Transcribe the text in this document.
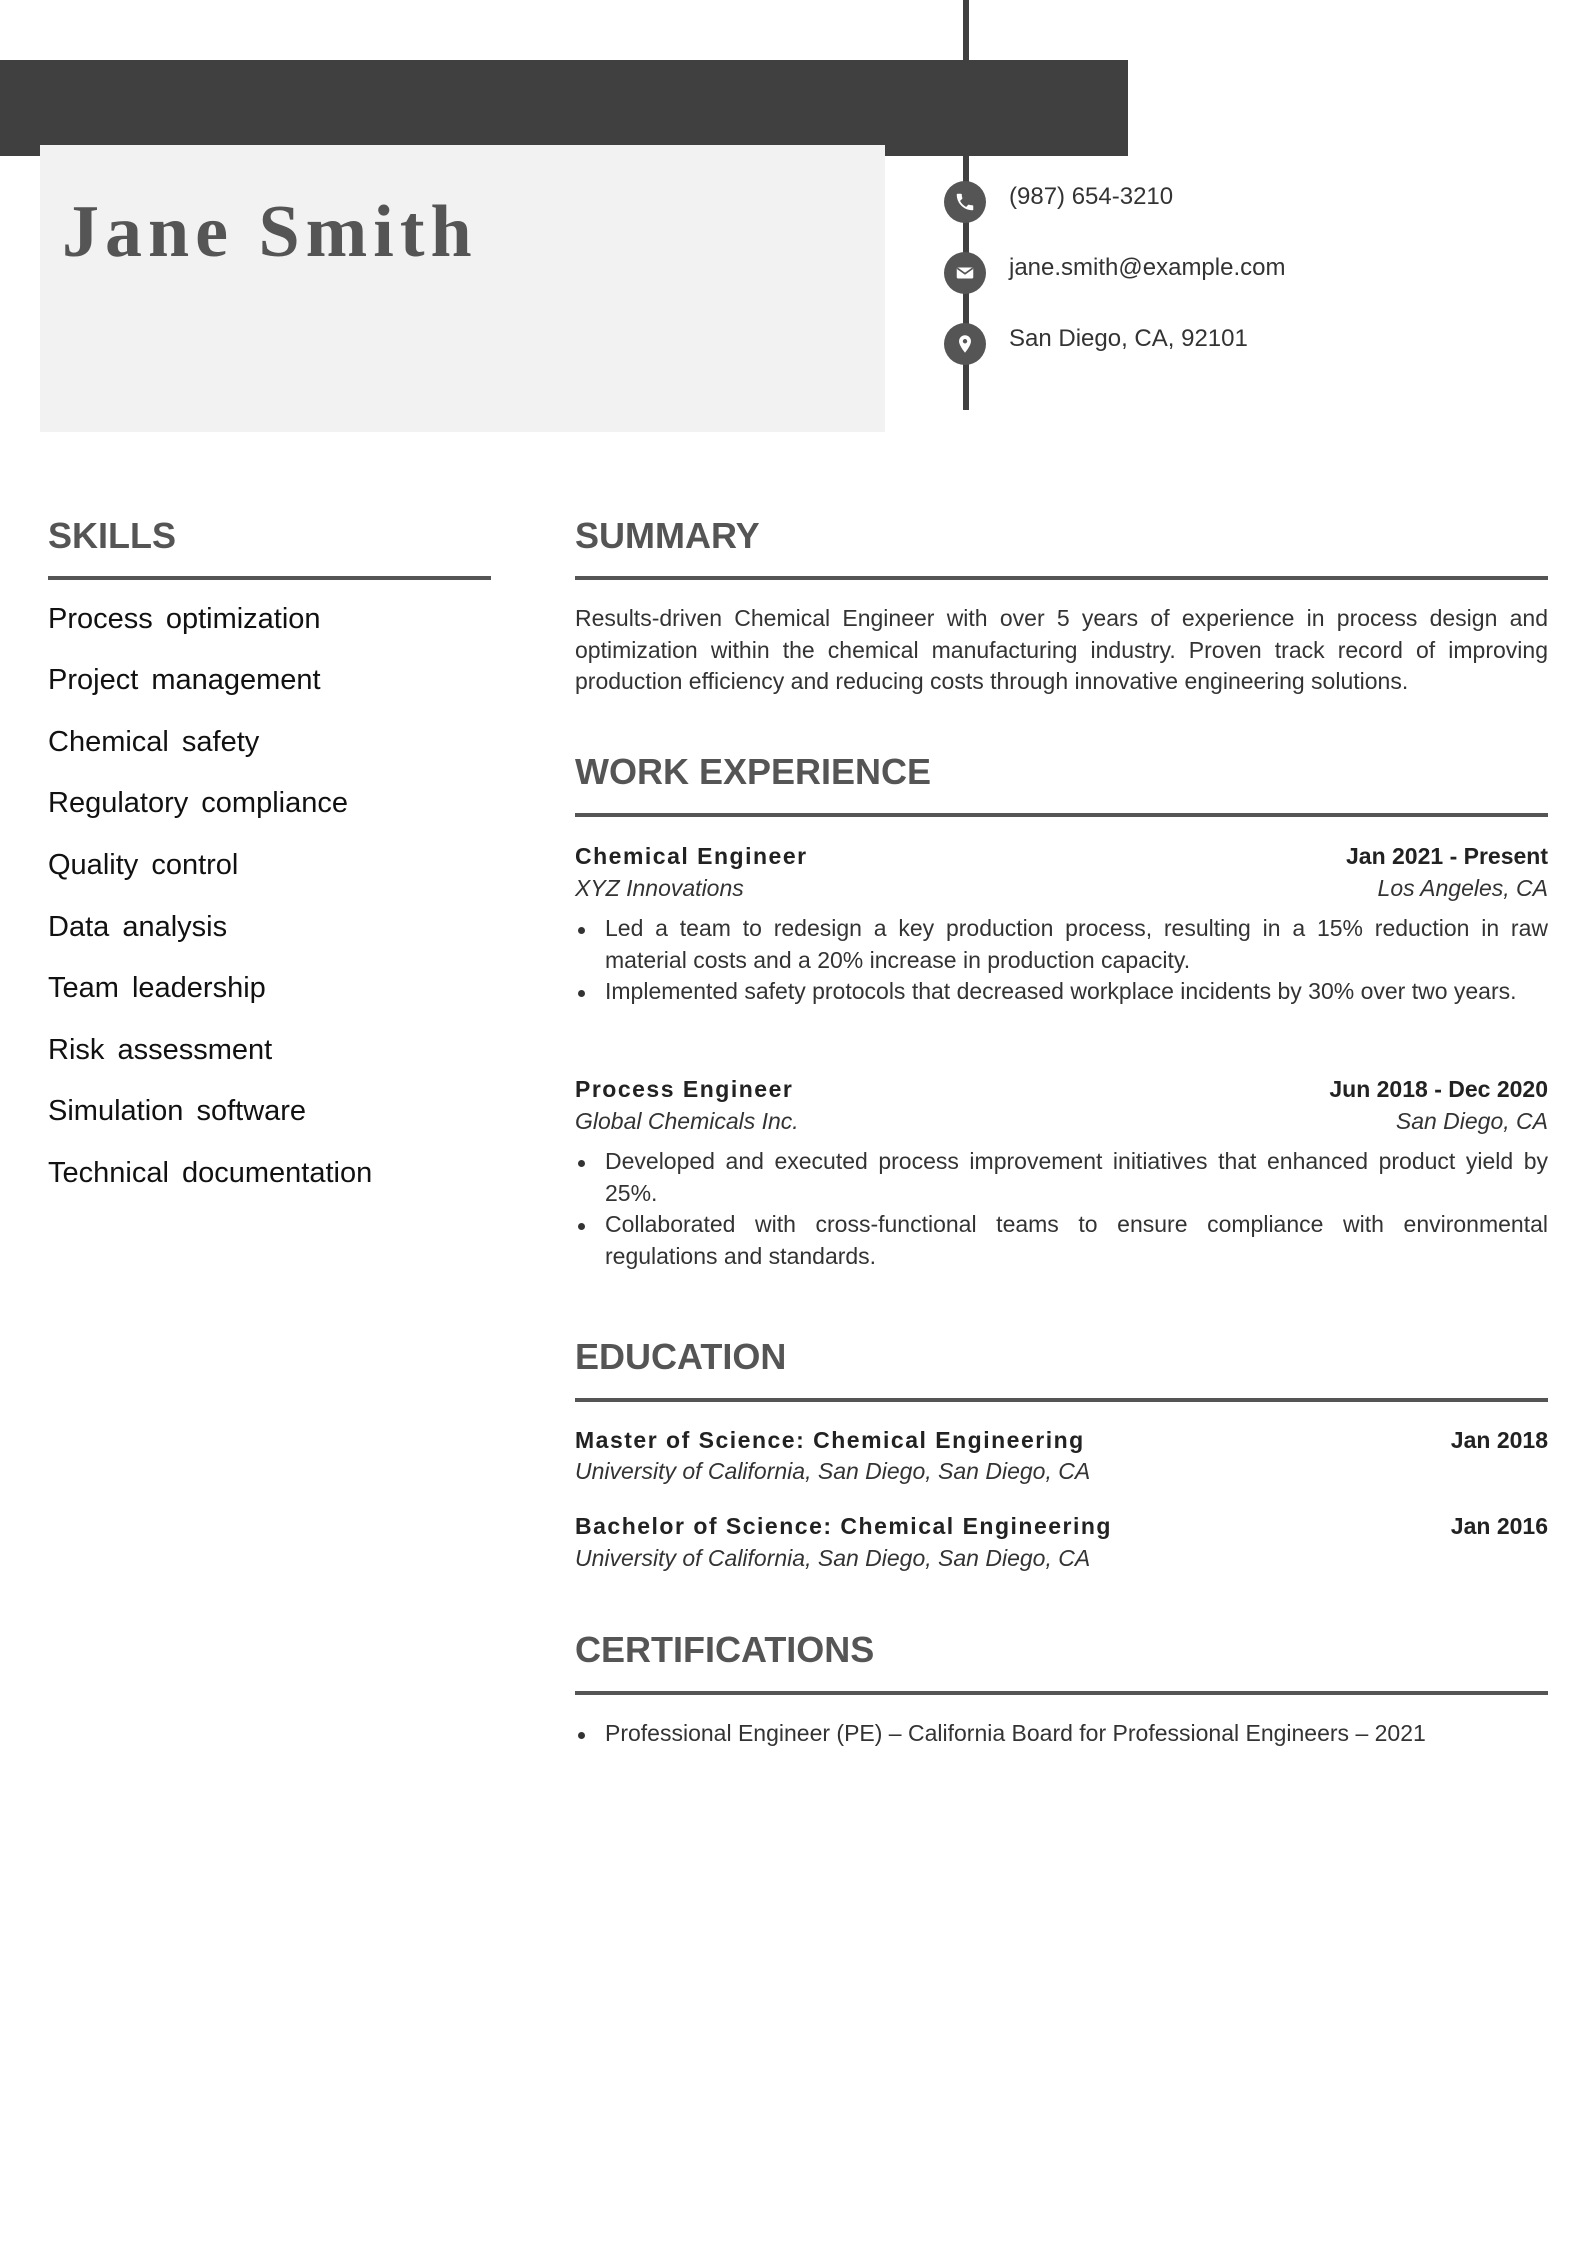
Jane Smith	(987) 654-3210
jane.smith@example.com
San Diego, CA, 92101
SKILLS
Process optimization
Project management
Chemical safety
Regulatory compliance
Quality control
Data analysis
Team leadership
Risk assessment
Simulation software
Technical documentation
SUMMARY

Results-driven Chemical Engineer with over 5 years of experience in process design and optimization within the chemical manufacturing industry. Proven track record of improving production efficiency and reducing costs through innovative engineering solutions.

WORK EXPERIENCE
Chemical Engineer	Jan 2021 - Present
XYZ Innovations	Los Angeles, CA
Led a team to redesign a key production process, resulting in a 15% reduction in raw material costs and a 20% increase in production capacity.
Implemented safety protocols that decreased workplace incidents by 30% over two years.
Process Engineer	Jun 2018 - Dec 2020
Global Chemicals Inc.	San Diego, CA
Developed and executed process improvement initiatives that enhanced product yield by 25%.
Collaborated with cross-functional teams to ensure compliance with environmental regulations and standards.
EDUCATION
Master of Science: Chemical Engineering	Jan 2018
University of California, San Diego, San Diego, CA
Bachelor of Science: Chemical Engineering	Jan 2016
University of California, San Diego, San Diego, CA
CERTIFICATIONS
Professional Engineer (PE) – California Board for Professional Engineers – 2021
